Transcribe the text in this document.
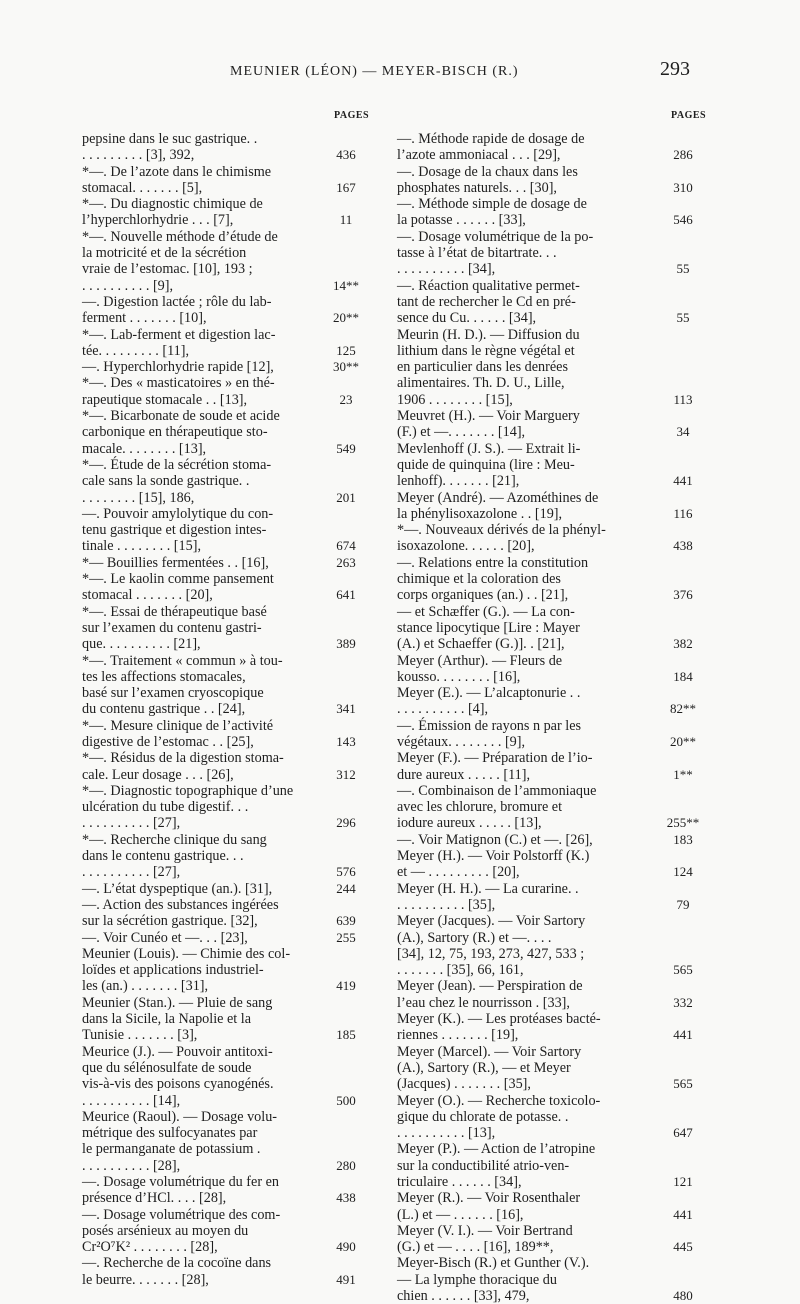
MEUNIER (LÉON) — MEYER-BISCH (R.)	293
PAGES
pepsine dans le suc gastrique. .
. . . . . . . . . [3], 392,	436
*—. De l’azote dans le chimisme
stomacal. . . . . . . [5],	167
*—. Du diagnostic chimique de
l’hyperchlorhydrie . . . [7],	11
*—. Nouvelle méthode d’étude de
la motricité et de la sécrétion
vraie de l’estomac. [10], 193 ;
. . . . . . . . . . [9],	14**
—. Digestion lactée ; rôle du lab-
ferment . . . . . . . [10],	20**
*—. Lab-ferment et digestion lac-
tée. . . . . . . . . [11],	125
—. Hyperchlorhydrie rapide [12],	30**
*—. Des « masticatoires » en thé-
rapeutique stomacale . . [13],	23
*—. Bicarbonate de soude et acide
carbonique en thérapeutique sto-
macale. . . . . . . . [13],	549
*—. Étude de la sécrétion stoma-
cale sans la sonde gastrique. .
. . . . . . . . [15], 186,	201
—. Pouvoir amylolytique du con-
tenu gastrique et digestion intes-
tinale . . . . . . . . [15],	674
*— Bouillies fermentées . . [16],	263
*—. Le kaolin comme pansement
stomacal . . . . . . . [20],	641
*—. Essai de thérapeutique basé
sur l’examen du contenu gastri-
que. . . . . . . . . . [21],	389
*—. Traitement « commun » à tou-
tes les affections stomacales,
basé sur l’examen cryoscopique
du contenu gastrique . . [24],	341
*—. Mesure clinique de l’activité
digestive de l’estomac . . [25],	143
*—. Résidus de la digestion stoma-
cale. Leur dosage . . . [26],	312
*—. Diagnostic topographique d’une
ulcération du tube digestif. . .
. . . . . . . . . . [27],	296
*—. Recherche clinique du sang
dans le contenu gastrique. . .
. . . . . . . . . . [27],	576
—. L’état dyspeptique (an.). [31],	244
—. Action des substances ingérées
sur la sécrétion gastrique. [32],	639
—. Voir Cunéo et —. . . [23],	255
Meunier (Louis). — Chimie des col-
loïdes et applications industriel-
les (an.) . . . . . . . [31],	419
Meunier (Stan.). — Pluie de sang
dans la Sicile, la Napolie et la
Tunisie . . . . . . . [3],	185
Meurice (J.). — Pouvoir antitoxi-
que du sélénosulfate de soude
vis-à-vis des poisons cyanogénés.
. . . . . . . . . . [14],	500
Meurice (Raoul). — Dosage volu-
métrique des sulfocyanates par
le permanganate de potassium .
. . . . . . . . . . [28],	280
—. Dosage volumétrique du fer en
présence d’HCl. . . . [28],	438
—. Dosage volumétrique des com-
posés arsénieux au moyen du
Cr²O⁷K² . . . . . . . . [28],	490
—. Recherche de la cocoïne dans
le beurre. . . . . . . [28],	491
PAGES
—. Méthode rapide de dosage de
l’azote ammoniacal . . . [29],	286
—. Dosage de la chaux dans les
phosphates naturels. . . [30],	310
—. Méthode simple de dosage de
la potasse . . . . . . [33],	546
—. Dosage volumétrique de la po-
tasse à l’état de bitartrate. . .
. . . . . . . . . . [34],	55
—. Réaction qualitative permet-
tant de rechercher le Cd en pré-
sence du Cu. . . . . . [34],	55
Meurin (H. D.). — Diffusion du
lithium dans le règne végétal et
en particulier dans les denrées
alimentaires. Th. D. U., Lille,
1906 . . . . . . . . [15],	113
Meuvret (H.). — Voir Marguery
(F.) et —. . . . . . . [14],	34
Mevlenhoff (J. S.). — Extrait li-
quide de quinquina (lire : Meu-
lenhoff). . . . . . . [21],	441
Meyer (André). — Azométhines de
la phénylisoxazolone . . [19],	116
*—. Nouveaux dérivés de la phényl-
isoxazolone. . . . . . [20],	438
—. Relations entre la constitution
chimique et la coloration des
corps organiques (an.) . . [21],	376
— et Schæffer (G.). — La con-
stance lipocytique [Lire : Mayer
(A.) et Schaeffer (G.)]. . [21],	382
Meyer (Arthur). — Fleurs de
kousso. . . . . . . . [16],	184
Meyer (E.). — L’alcaptonurie . .
. . . . . . . . . . [4],	82**
—. Émission de rayons n par les
végétaux. . . . . . . . [9],	20**
Meyer (F.). — Préparation de l’io-
dure aureux . . . . . [11],	1**
—. Combinaison de l’ammoniaque
avec les chlorure, bromure et
iodure aureux . . . . . [13],	255**
—. Voir Matignon (C.) et —. [26],	183
Meyer (H.). — Voir Polstorff (K.)
et — . . . . . . . . . [20],	124
Meyer (H. H.). — La curarine. .
. . . . . . . . . . [35],	79
Meyer (Jacques). — Voir Sartory
(A.), Sartory (R.) et —. . . .
[34], 12, 75, 193, 273, 427, 533 ;
. . . . . . . [35], 66, 161,	565
Meyer (Jean). — Perspiration de
l’eau chez le nourrisson . [33],	332
Meyer (K.). — Les protéases bacté-
riennes . . . . . . . [19],	441
Meyer (Marcel). — Voir Sartory
(A.), Sartory (R.), — et Meyer
(Jacques) . . . . . . . [35],	565
Meyer (O.). — Recherche toxicolo-
gique du chlorate de potasse. .
. . . . . . . . . . [13],	647
Meyer (P.). — Action de l’atropine
sur la conductibilité atrio-ven-
triculaire . . . . . . [34],	121
Meyer (R.). — Voir Rosenthaler
(L.) et — . . . . . . [16],	441
Meyer (V. I.). — Voir Bertrand
(G.) et — . . . . [16], 189**,	445
Meyer-Bisch (R.) et Gunther (V.).
— La lymphe thoracique du
chien . . . . . . [33], 479,	480
